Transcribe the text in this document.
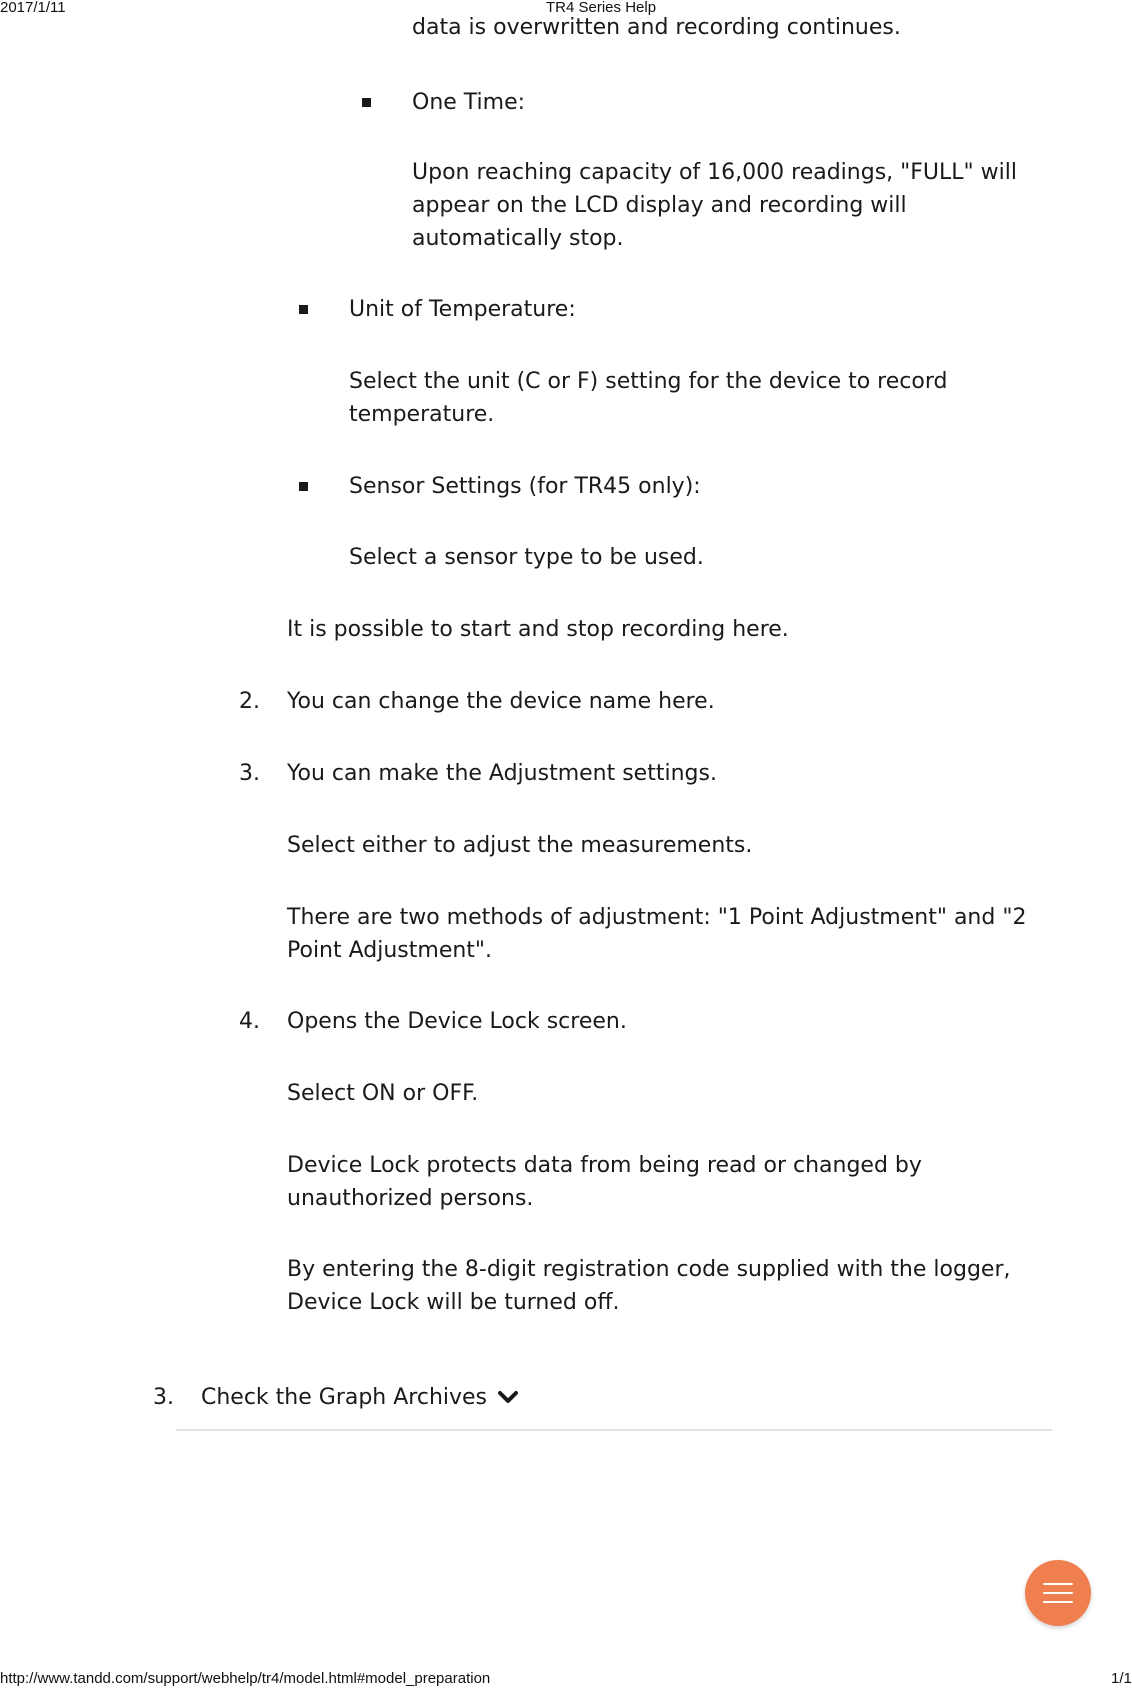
2017/1/11	TR4 Series Help
data is overwritten and recording continues.
One Time:
Upon reaching capacity of 16,000 readings, "FULL" will
appear on the LCD display and recording will
automatically stop.
Unit of Temperature:
Select the unit (C or F) setting for the device to record
temperature.
Sensor Settings (for TR45 only):
Select a sensor type to be used.
It is possible to start and stop recording here.
2. You can change the device name here.
3. You can make the Adjustment settings.
Select either to adjust the measurements.
There are two methods of adjustment: "1 Point Adjustment" and "2
Point Adjustment".
4. Opens the Device Lock screen.
Select ON or OFF.
Device Lock protects data from being read or changed by
unauthorized persons.
By entering the 8-digit registration code supplied with the logger,
Device Lock will be turned off.
3. Check the Graph Archives
http://www.tandd.com/support/webhelp/tr4/model.html#model_preparation	1/1
